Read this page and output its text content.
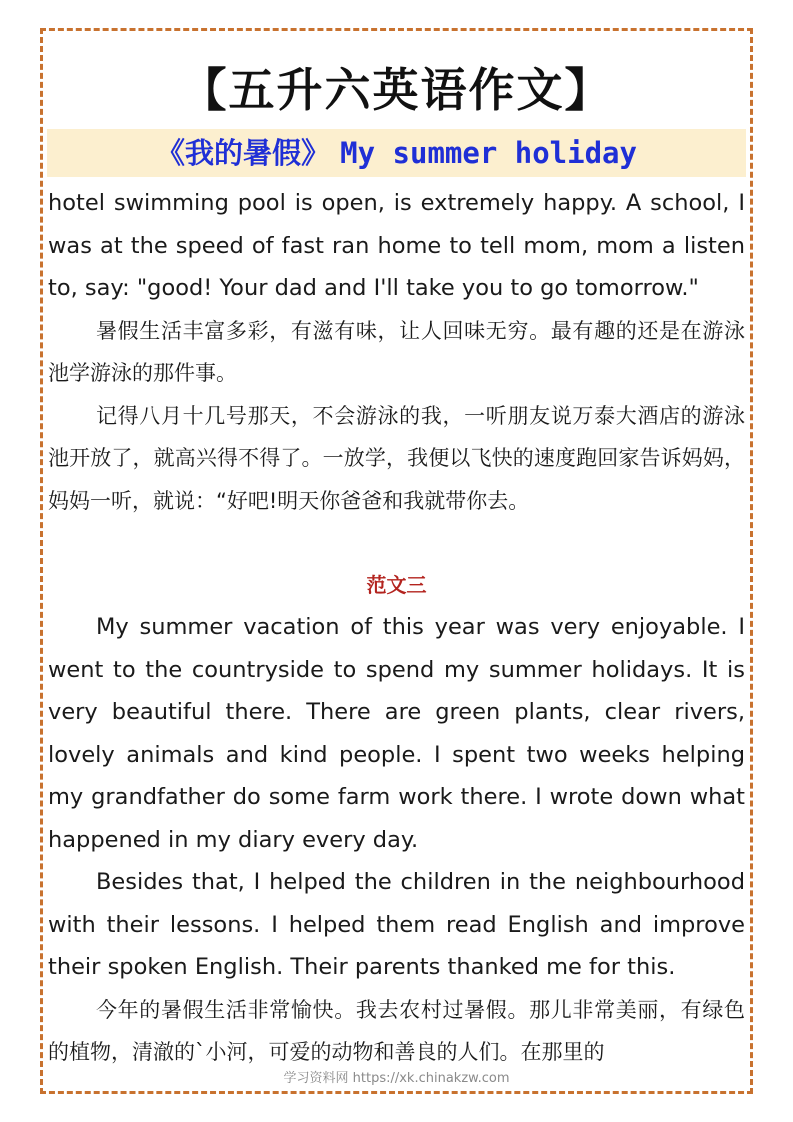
【五升六英语作文】
《我的暑假》 My summer holiday

hotel swimming pool is open, is extremely happy. A school, I was at the speed of fast ran home to tell mom, mom a listen to, say: "good! Your dad and I'll take you to go tomorrow."

暑假生活丰富多彩，有滋有味，让人回味无穷。最有趣的还是在游泳池学游泳的那件事。

记得八月十几号那天，不会游泳的我，一听朋友说万泰大酒店的游泳池开放了，就高兴得不得了。一放学，我便以飞快的速度跑回家告诉妈妈，妈妈一听，就说：“好吧!明天你爸爸和我就带你去。

范文三

My summer vacation of this year was very enjoyable. I went to the countryside to spend my summer holidays. It is very beautiful there. There are green plants, clear rivers, lovely animals and kind people. I spent two weeks helping my grandfather do some farm work there. I wrote down what happened in my diary every day.

Besides that, I helped the children in the neighbourhood with their lessons. I helped them read English and improve their spoken English. Their parents thanked me for this.

今年的暑假生活非常愉快。我去农村过暑假。那儿非常美丽，有绿色的植物，清澈的`小河，可爱的动物和善良的人们。在那里的

学习资料网 https://xk.chinakzw.com
